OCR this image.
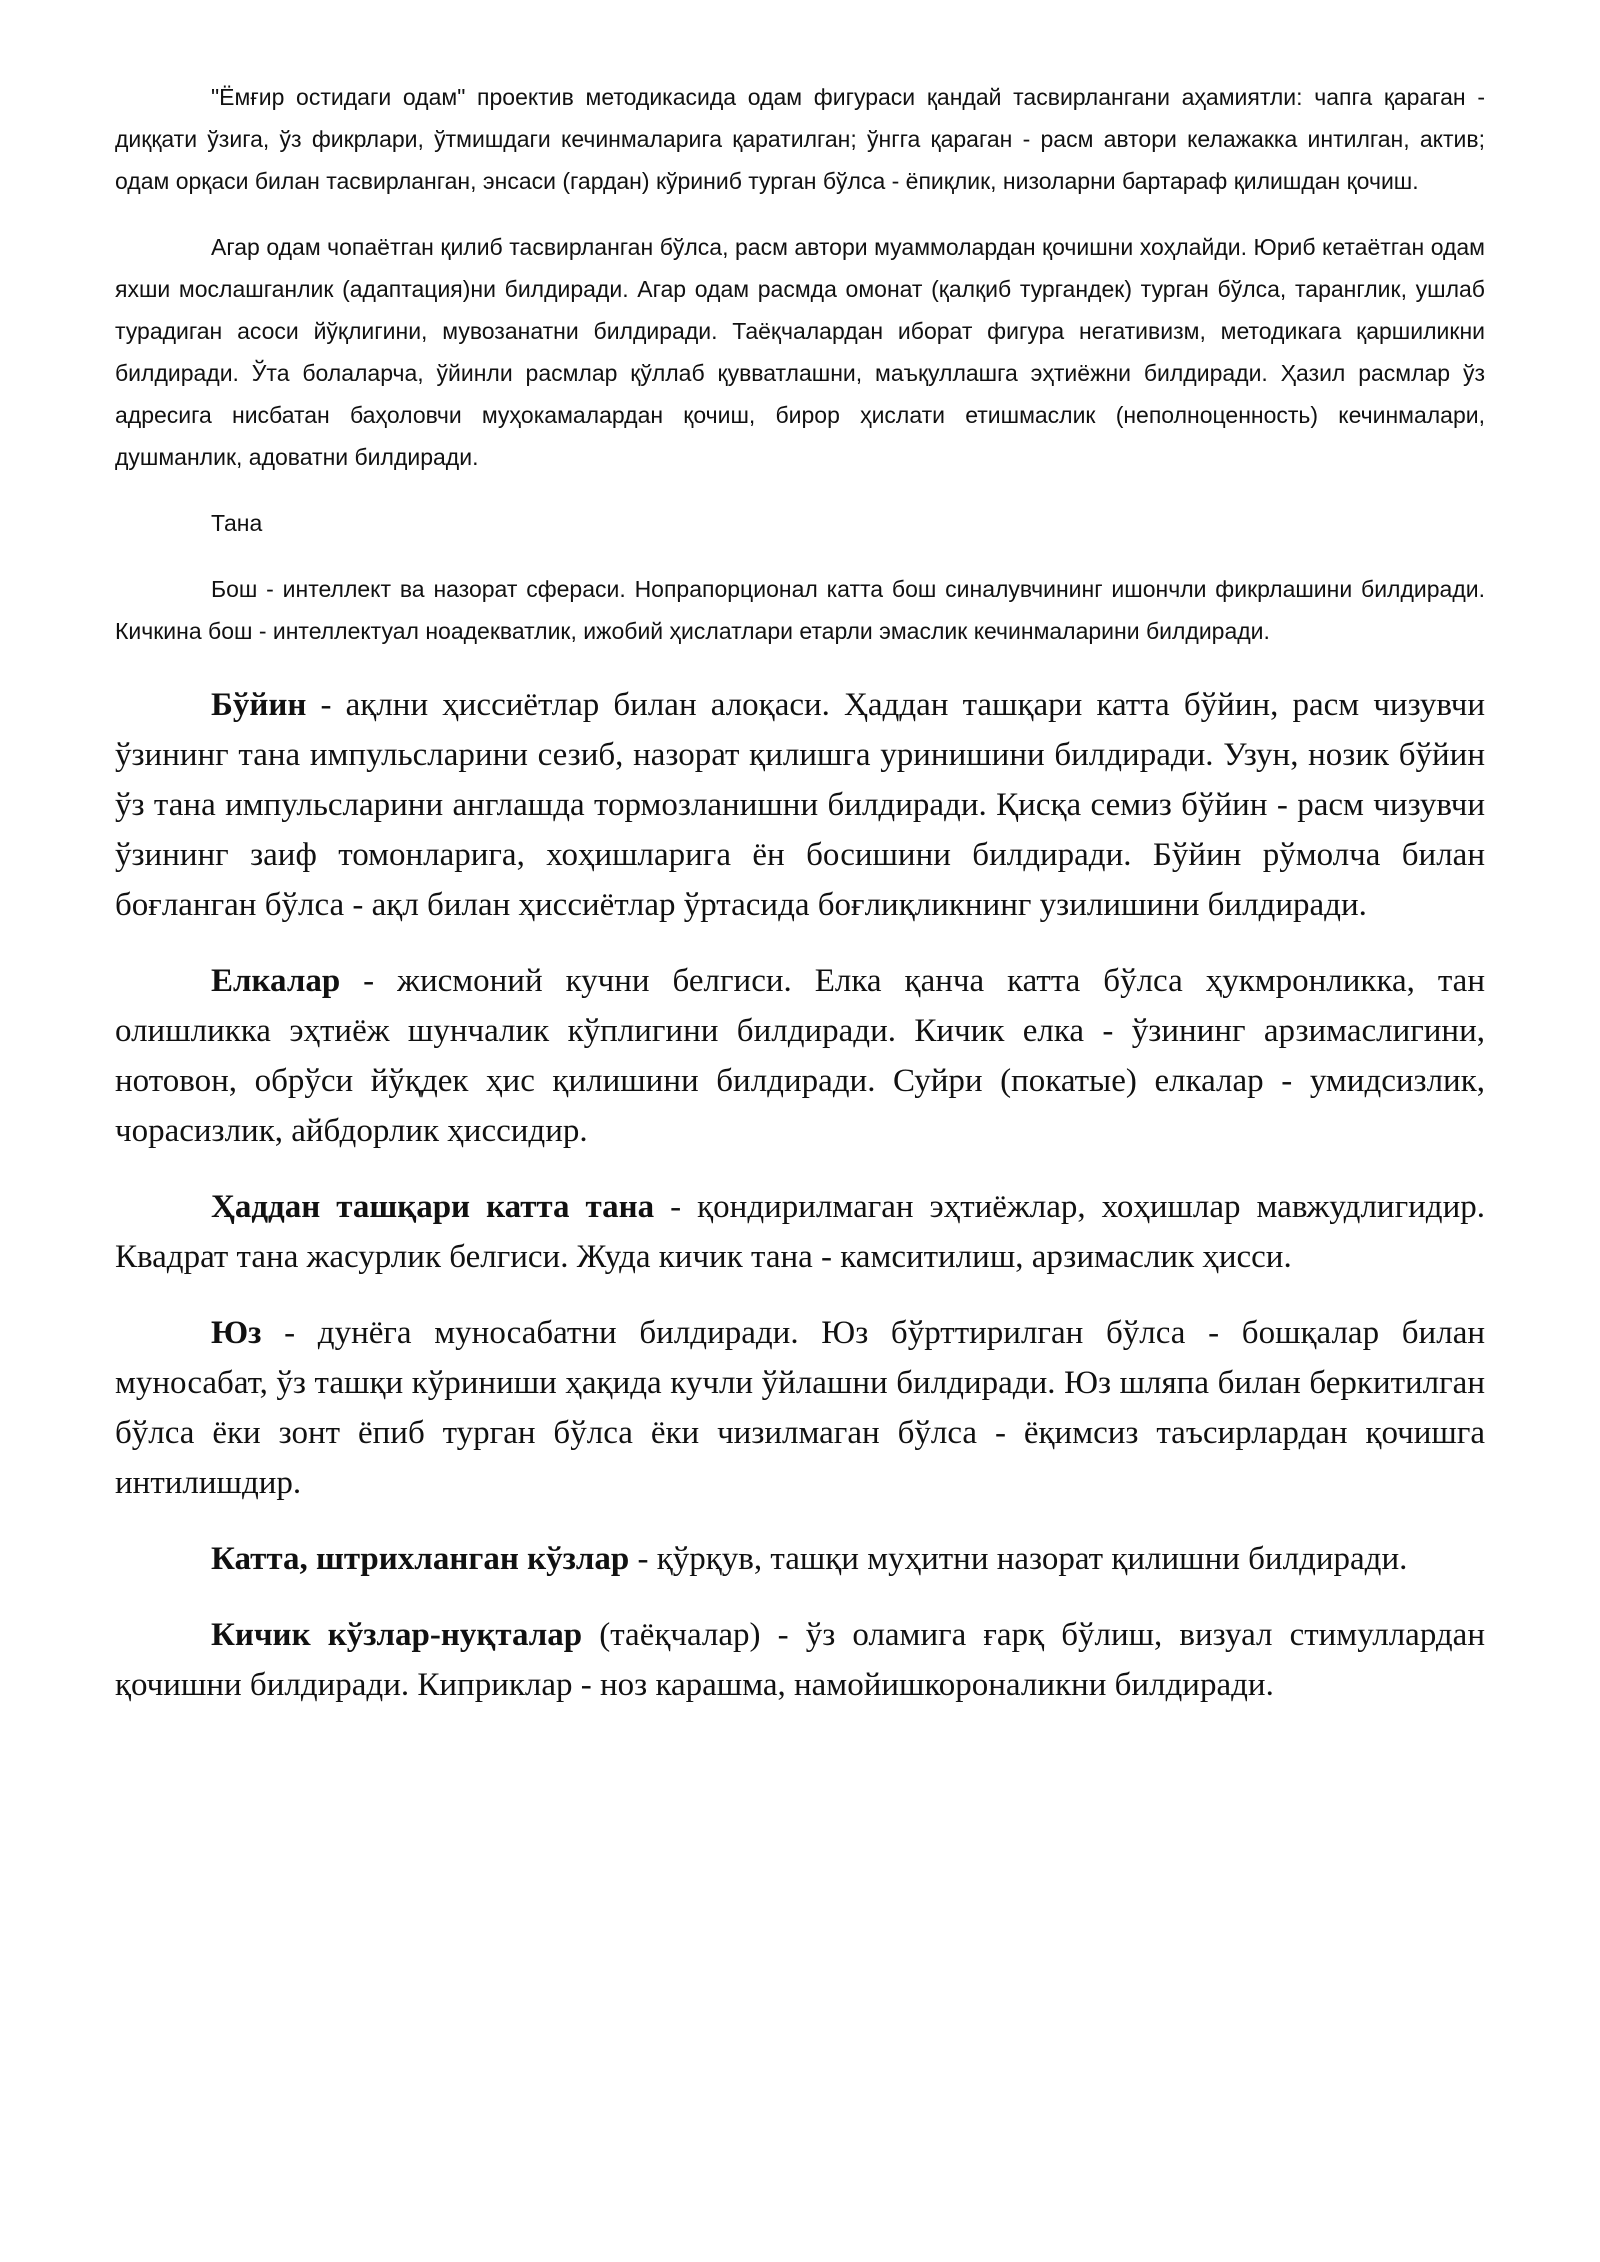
"Ёмғир остидаги одам" проектив методикасида одам фигураси қандай тасвирлангани аҳамиятли: чапга қараган - диққати ўзига, ўз фикрлари, ўтмишдаги кечинмаларига қаратилган; ўнгга қараган - расм автори келажакка интилган, актив; одам орқаси билан тасвирланган, энсаси (гардан) кўриниб турган бўлса - ёпиқлик, низоларни бартараф қилишдан қочиш.

Агар одам чопаётган қилиб тасвирланган бўлса, расм автори муаммолардан қочишни хоҳлайди. Юриб кетаётган одам яхши мослашганлик (адаптация)ни билдиради. Агар одам расмда омонат (қалқиб тургандек) турган бўлса, таранглик, ушлаб турадиган асоси йўқлигини, мувозанатни билдиради. Таёқчалардан иборат фигура негативизм, методикага қаршиликни билдиради. Ўта болаларча, ўйинли расмлар қўллаб қувватлашни, маъқуллашга эҳтиёжни билдиради. Ҳазил расмлар ўз адресига нисбатан баҳоловчи муҳокамалардан қочиш, бирор ҳислати етишмаслик (неполноценность) кечинмалари, душманлик, адоватни билдиради.

Тана

Бош - интеллект ва назорат сфераси. Нопрапорционал катта бош синалувчининг ишончли фикрлашини билдиради. Кичкина бош - интеллектуал ноадекватлик, ижобий ҳислатлари етарли эмаслик кечинмаларини билдиради.

Бўйин - ақлни ҳиссиётлар билан алоқаси. Ҳаддан ташқари катта бўйин, расм чизувчи ўзининг тана импульсларини сезиб, назорат қилишга уринишини билдиради. Узун, нозик бўйин ўз тана импульсларини англашда тормозланишни билдиради. Қисқа семиз бўйин - расм чизувчи ўзининг заиф томонларига, хоҳишларига ён босишини билдиради. Бўйин рўмолча билан боғланган бўлса - ақл билан ҳиссиётлар ўртасида боғлиқликнинг узилишини билдиради.

Елкалар - жисмоний кучни белгиси. Елка қанча катта бўлса ҳукмронликка, тан олишликка эҳтиёж шунчалик кўплигини билдиради. Кичик елка - ўзининг арзимаслигини, нотовон, обрўси йўқдек ҳис қилишини билдиради. Суйри (покатые) елкалар - умидсизлик, чорасизлик, айбдорлик ҳиссидир.

Ҳаддан ташқари катта тана - қондирилмаган эҳтиёжлар, хоҳишлар мавжудлигидир. Квадрат тана жасурлик белгиси. Жуда кичик тана - камситилиш, арзимаслик ҳисси.

Юз - дунёга муносабатни билдиради. Юз бўрттирилган бўлса - бошқалар билан муносабат, ўз ташқи кўриниши ҳақида кучли ўйлашни билдиради. Юз шляпа билан беркитилган бўлса ёки зонт ёпиб турган бўлса ёки чизилмаган бўлса - ёқимсиз таъсирлардан қочишга интилишдир.

Катта, штрихланган кўзлар - қўрқув, ташқи муҳитни назорат қилишни билдиради.

Кичик кўзлар-нуқталар (таёқчалар) - ўз оламига ғарқ бўлиш, визуал стимуллардан қочишни билдиради. Киприклар - ноз карашма, намойишкороналикни билдиради.
